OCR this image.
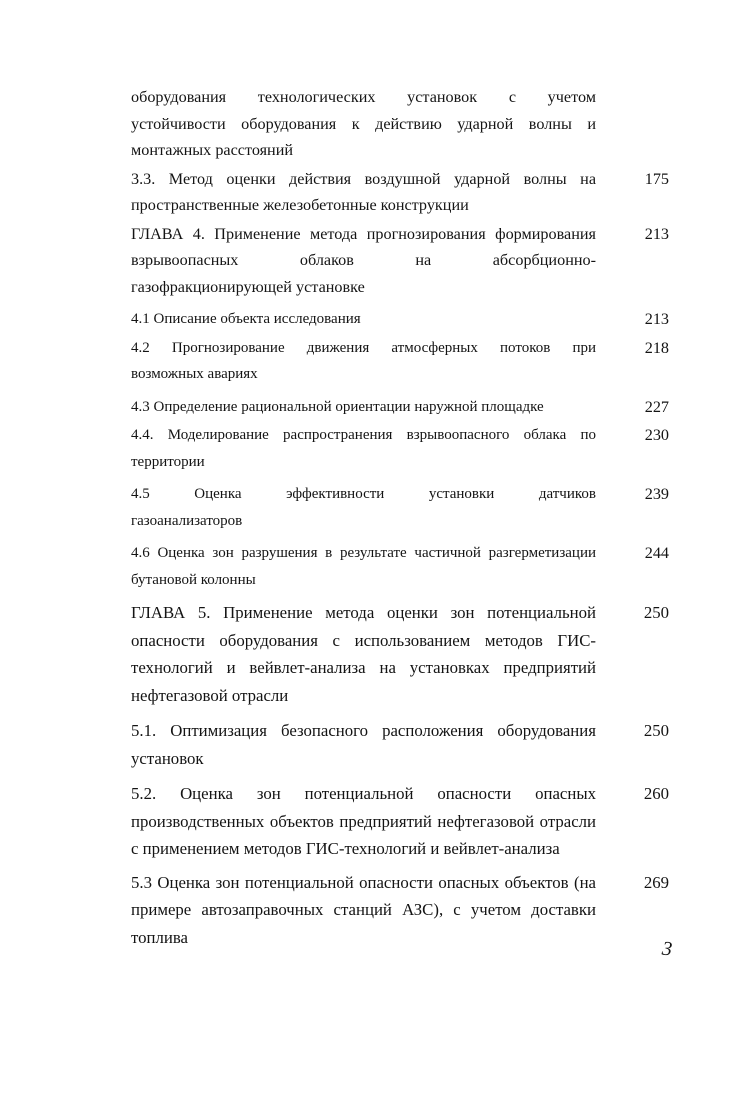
оборудования технологических установок с учетом
устойчивости оборудования к действию ударной волны и
монтажных расстояний
3.3. Метод оценки действия воздушной ударной волны на
пространственные железобетонные конструкции
175
ГЛАВА 4. Применение метода прогнозирования формирования
взрывоопасных облаков на абсорбционно-
газофракционирующей установке
213
4.1 Описание объекта исследования	213
4.2 Прогнозирование движения атмосферных потоков при
возможных авариях
218
4.3 Определение рациональной ориентации наружной площадке	227
4.4. Моделирование распространения взрывоопасного облака по
территории
230
4.5 Оценка эффективности установки датчиков
газоанализаторов
239
4.6 Оценка зон разрушения в результате частичной разгерметизации
бутановой колонны
244
ГЛАВА 5. Применение метода оценки зон потенциальной
опасности оборудования с использованием методов ГИС-
технологий и вейвлет-анализа на установках предприятий
нефтегазовой отрасли
250
5.1. Оптимизация безопасного расположения оборудования
установок
250
5.2. Оценка зон потенциальной опасности опасных
производственных объектов предприятий нефтегазовой отрасли
с применением методов ГИС-технологий и вейвлет-анализа
260
5.3 Оценка зон потенциальной опасности опасных объектов (на
примере автозаправочных станций АЗС), с учетом доставки
топлива
269
3
